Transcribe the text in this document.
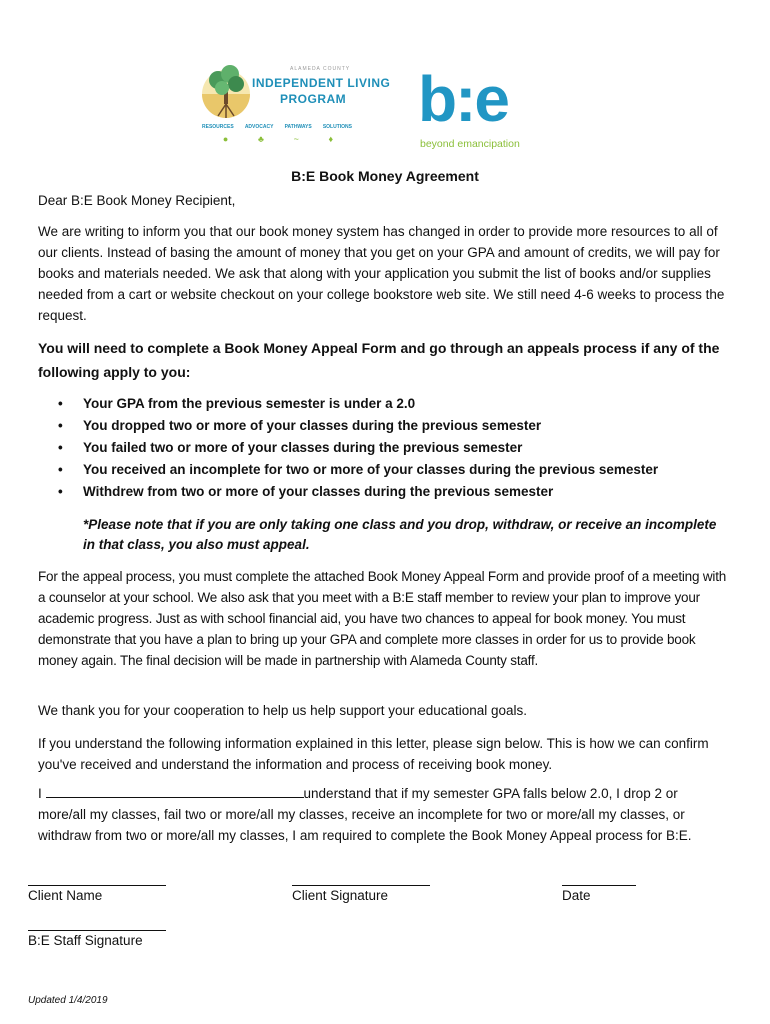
ALAMEDA COUNTY
INDEPENDENT LIVING
PROGRAM
RESOURCES ADVOCACY PATHWAYS SOLUTIONS
●	♣	~	♦
b:e
beyond emancipation
B:E Book Money Agreement
Dear B:E Book Money Recipient,
We are writing to inform you that our book money system has changed in order to provide more resources to all of our clients. Instead of basing the amount of money that you get on your GPA and amount of credits, we will pay for books and materials needed. We ask that along with your application you submit the list of books and/or supplies needed from a cart or website checkout on your college bookstore web site. We still need 4-6 weeks to process the request.
You will need to complete a Book Money Appeal Form and go through an appeals process if any of the following apply to you:
• Your GPA from the previous semester is under a 2.0
• You dropped two or more of your classes during the previous semester
• You failed two or more of your classes during the previous semester
• You received an incomplete for two or more of your classes during the previous semester
• Withdrew from two or more of your classes during the previous semester
*Please note that if you are only taking one class and you drop, withdraw, or receive an incomplete in that class, you also must appeal.
For the appeal process, you must complete the attached Book Money Appeal Form and provide proof of a meeting with a counselor at your school. We also ask that you meet with a B:E staff member to review your plan to improve your academic progress. Just as with school financial aid, you have two chances to appeal for book money. You must demonstrate that you have a plan to bring up your GPA and complete more classes in order for us to provide book money again. The final decision will be made in partnership with Alameda County staff.
We thank you for your cooperation to help us help support your educational goals.
If you understand the following information explained in this letter, please sign below. This is how we can confirm you've received and understand the information and process of receiving book money.
I	understand that if my semester GPA falls below 2.0, I drop 2 or more/all my classes, fail two or more/all my classes, receive an incomplete for two or more/all my classes, or withdraw from two or more/all my classes, I am required to complete the Book Money Appeal process for B:E.
Client Name	Client Signature	Date
B:E Staff Signature
Updated 1/4/2019
